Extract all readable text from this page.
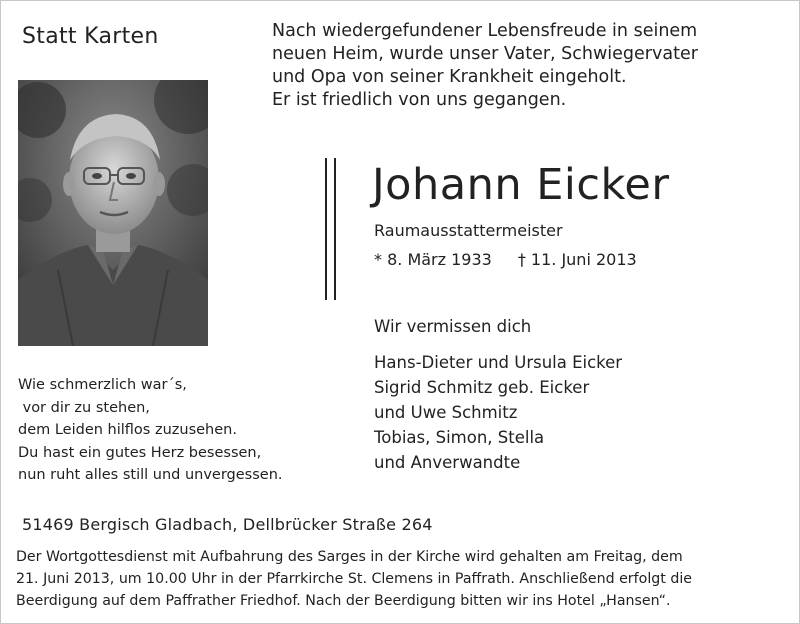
Statt Karten	Nach wiedergefundener Lebensfreude in seinem
neuen Heim, wurde unser Vater, Schwiegervater
und Opa von seiner Krankheit eingeholt.
Er ist friedlich von uns gegangen.
Johann Eicker
Raumausstattermeister
* 8. März 1933 † 11. Juni 2013
Wir vermissen dich
Hans-Dieter und Ursula Eicker
Sigrid Schmitz geb. Eicker
und Uwe Schmitz
Tobias, Simon, Stella
und Anverwandte
Wie schmerzlich war´s,
vor dir zu stehen,
dem Leiden hilflos zuzusehen.
Du hast ein gutes Herz besessen,
nun ruht alles still und unvergessen.
51469 Bergisch Gladbach, Dellbrücker Straße 264
Der Wortgottesdienst mit Aufbahrung des Sarges in der Kirche wird gehalten am Freitag, dem
21. Juni 2013, um 10.00 Uhr in der Pfarrkirche St. Clemens in Paffrath. Anschließend erfolgt die
Beerdigung auf dem Paffrather Friedhof. Nach der Beerdigung bitten wir ins Hotel „Hansen“.
